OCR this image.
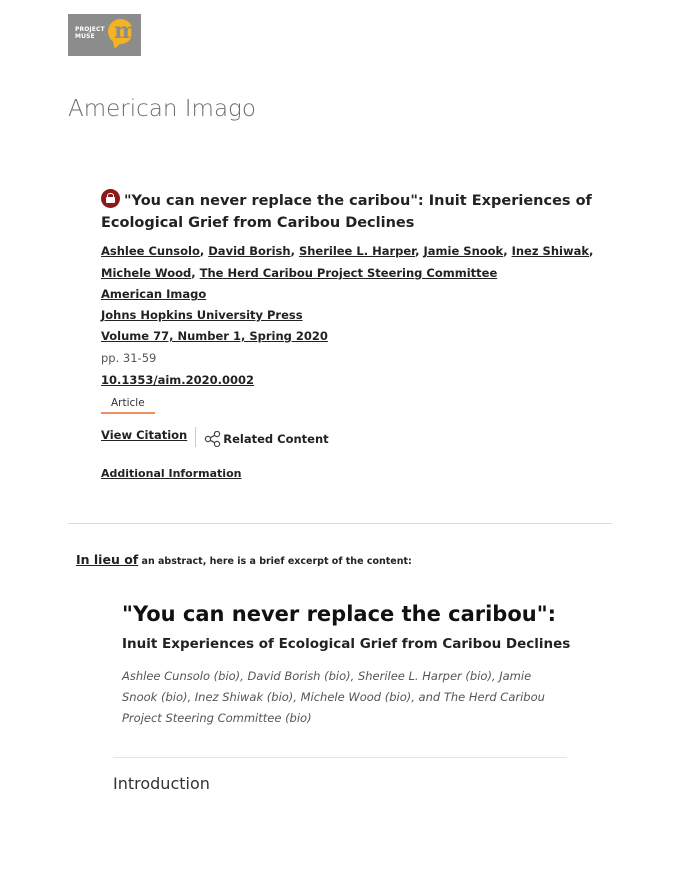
PROJECT
MUSE m
American Imago
"You can never replace the caribou": Inuit Experiences of Ecological Grief from Caribou Declines
Ashlee Cunsolo, David Borish, Sherilee L. Harper, Jamie Snook, Inez Shiwak, Michele Wood, The Herd Caribou Project Steering Committee
American Imago
Johns Hopkins University Press
Volume 77, Number 1, Spring 2020
pp. 31-59
10.1353/aim.2020.0002
Article
View Citation	Related Content
Additional Information
In lieu of an abstract, here is a brief excerpt of the content:
"You can never replace the caribou":
Inuit Experiences of Ecological Grief from Caribou Declines
Ashlee Cunsolo (bio), David Borish (bio), Sherilee L. Harper (bio), Jamie Snook (bio), Inez Shiwak (bio), Michele Wood (bio), and The Herd Caribou Project Steering Committee (bio)
Introduction
